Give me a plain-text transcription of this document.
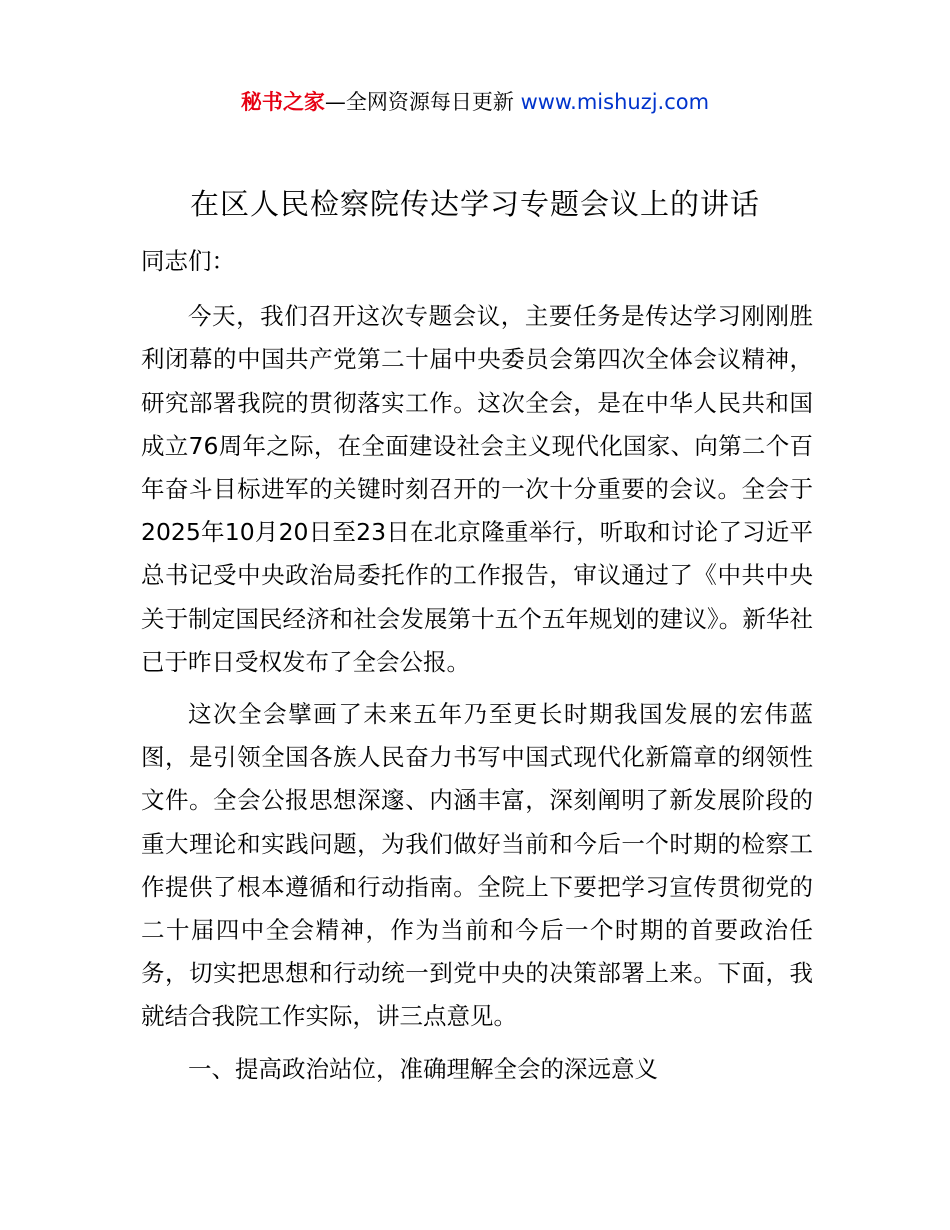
秘书之家—全网资源每日更新 www.mishuzj.com
在区人民检察院传达学习专题会议上的讲话

同志们：

今天，我们召开这次专题会议，主要任务是传达学习刚刚胜利闭幕的中国共产党第二十届中央委员会第四次全体会议精神，研究部署我院的贯彻落实工作。这次全会，是在中华人民共和国成立76周年之际，在全面建设社会主义现代化国家、向第二个百年奋斗目标进军的关键时刻召开的一次十分重要的会议。全会于2025年10月20日至23日在北京隆重举行，听取和讨论了习近平总书记受中央政治局委托作的工作报告，审议通过了《中共中央关于制定国民经济和社会发展第十五个五年规划的建议》。新华社已于昨日受权发布了全会公报。

这次全会擘画了未来五年乃至更长时期我国发展的宏伟蓝图，是引领全国各族人民奋力书写中国式现代化新篇章的纲领性文件。全会公报思想深邃、内涵丰富，深刻阐明了新发展阶段的重大理论和实践问题，为我们做好当前和今后一个时期的检察工作提供了根本遵循和行动指南。全院上下要把学习宣传贯彻党的二十届四中全会精神，作为当前和今后一个时期的首要政治任务，切实把思想和行动统一到党中央的决策部署上来。下面，我就结合我院工作实际，讲三点意见。

一、提高政治站位，准确理解全会的深远意义
